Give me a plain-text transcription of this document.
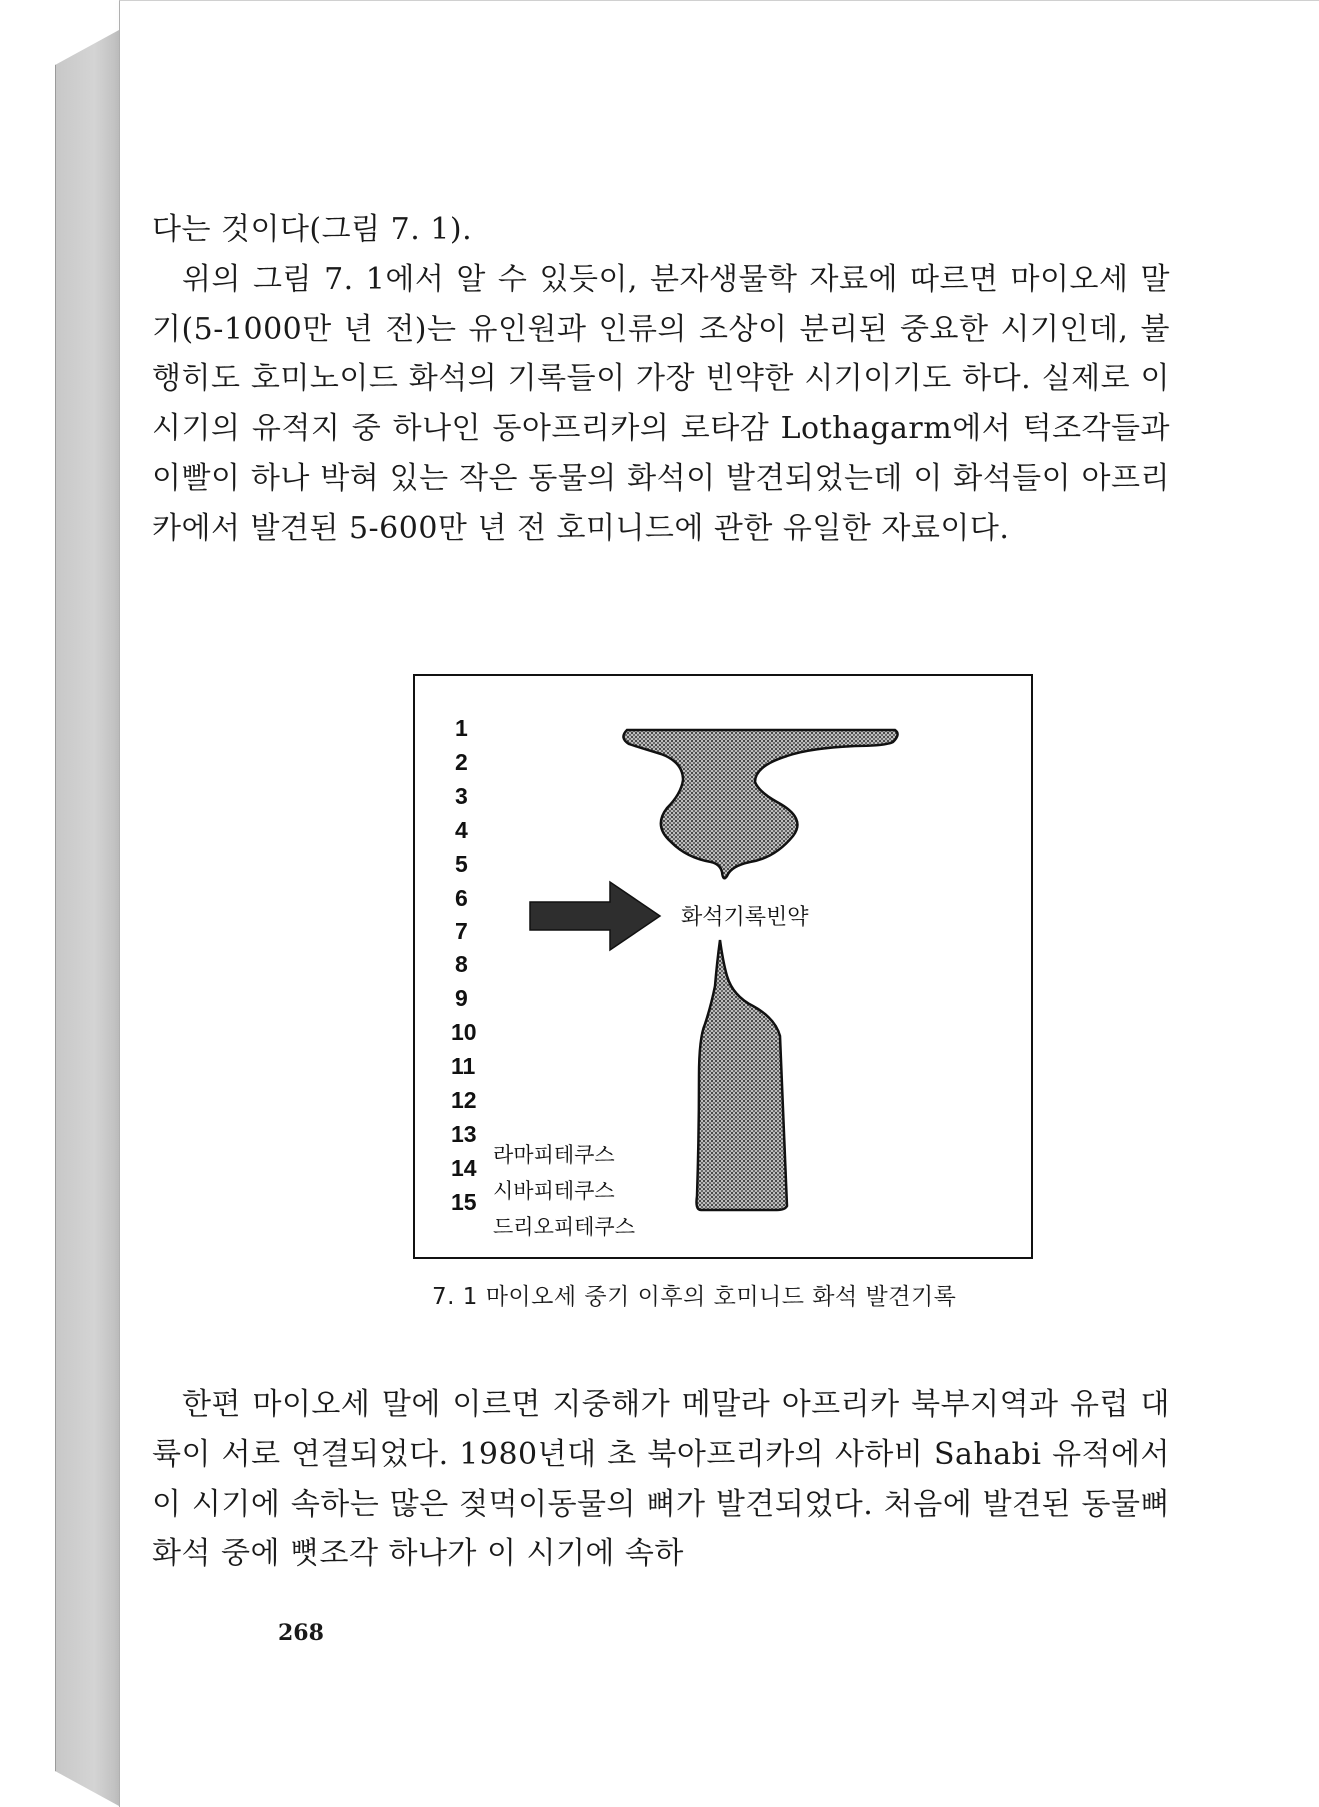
다는 것이다(그림 7. 1).

위의 그림 7. 1에서 알 수 있듯이, 분자생물학 자료에 따르면 마이오세 말기(5-1000만 년 전)는 유인원과 인류의 조상이 분리된 중요한 시기인데, 불행히도 호미노이드 화석의 기록들이 가장 빈약한 시기이기도 하다. 실제로 이 시기의 유적지 중 하나인 동아프리카의 로타감 Lothagarm에서 턱조각들과 이빨이 하나 박혀 있는 작은 동물의 화석이 발견되었는데 이 화석들이 아프리카에서 발견된 5-600만 년 전 호미니드에 관한 유일한 자료이다.

1
2
3
4
5
6
7
8
9
10
11
12
13
14
15
화석기록빈약
라마피테쿠스
시바피테쿠스
드리오피테쿠스
7. 1 마이오세 중기 이후의 호미니드 화석 발견기록

한편 마이오세 말에 이르면 지중해가 메말라 아프리카 북부지역과 유럽 대륙이 서로 연결되었다. 1980년대 초 북아프리카의 사하비 Sahabi 유적에서 이 시기에 속하는 많은 젖먹이동물의 뼈가 발견되었다. 처음에 발견된 동물뼈 화석 중에 뼛조각 하나가 이 시기에 속하

268
